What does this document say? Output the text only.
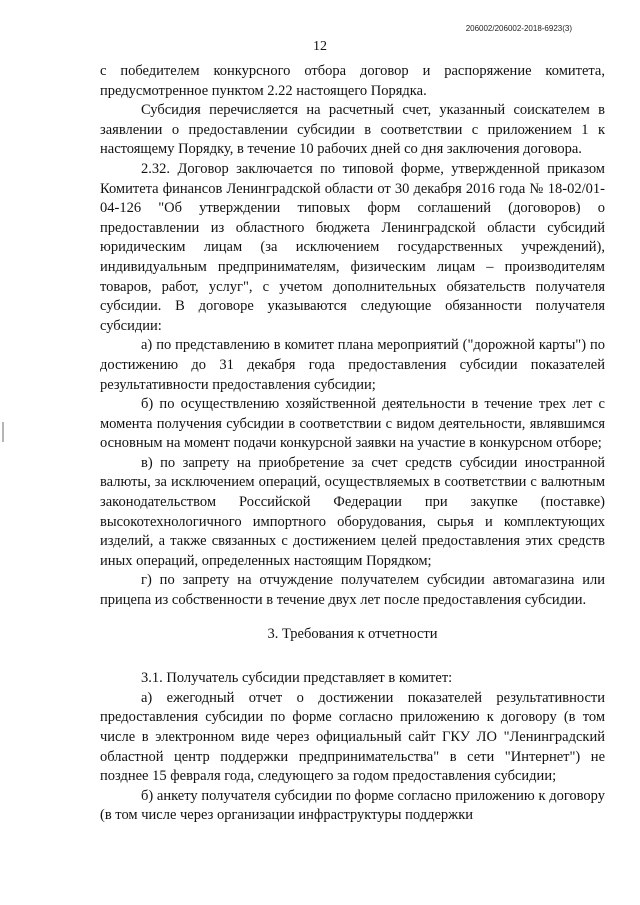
206002/206002-2018-6923(3)
12

с победителем конкурсного отбора договор и распоряжение комитета, предусмотренное пунктом 2.22 настоящего Порядка.

Субсидия перечисляется на расчетный счет, указанный соискателем в заявлении о предоставлении субсидии в соответствии с приложением 1 к настоящему Порядку, в течение 10 рабочих дней со дня заключения договора.

2.32. Договор заключается по типовой форме, утвержденной приказом Комитета финансов Ленинградской области от 30 декабря 2016 года № 18-02/01-04-126 "Об утверждении типовых форм соглашений (договоров) о предоставлении из областного бюджета Ленинградской области субсидий юридическим лицам (за исключением государственных учреждений), индивидуальным предпринимателям, физическим лицам – производителям товаров, работ, услуг", с учетом дополнительных обязательств получателя субсидии. В договоре указываются следующие обязанности получателя субсидии:

а) по представлению в комитет плана мероприятий ("дорожной карты") по достижению до 31 декабря года предоставления субсидии показателей результативности предоставления субсидии;

б) по осуществлению хозяйственной деятельности в течение трех лет с момента получения субсидии в соответствии с видом деятельности, являвшимся основным на момент подачи конкурсной заявки на участие в конкурсном отборе;

в) по запрету на приобретение за счет средств субсидии иностранной валюты, за исключением операций, осуществляемых в соответствии с валютным законодательством Российской Федерации при закупке (поставке) высокотехнологичного импортного оборудования, сырья и комплектующих изделий, а также связанных с достижением целей предоставления этих средств иных операций, определенных настоящим Порядком;

г) по запрету на отчуждение получателем субсидии автомагазина или прицепа из собственности в течение двух лет после предоставления субсидии.

3. Требования к отчетности

3.1. Получатель субсидии представляет в комитет:

а) ежегодный отчет о достижении показателей результативности предоставления субсидии по форме согласно приложению к договору (в том числе в электронном виде через официальный сайт ГКУ ЛО "Ленинградский областной центр поддержки предпринимательства" в сети "Интернет") не позднее 15 февраля года, следующего за годом предоставления субсидии;

б) анкету получателя субсидии по форме согласно приложению к договору (в том числе через организации инфраструктуры поддержки
